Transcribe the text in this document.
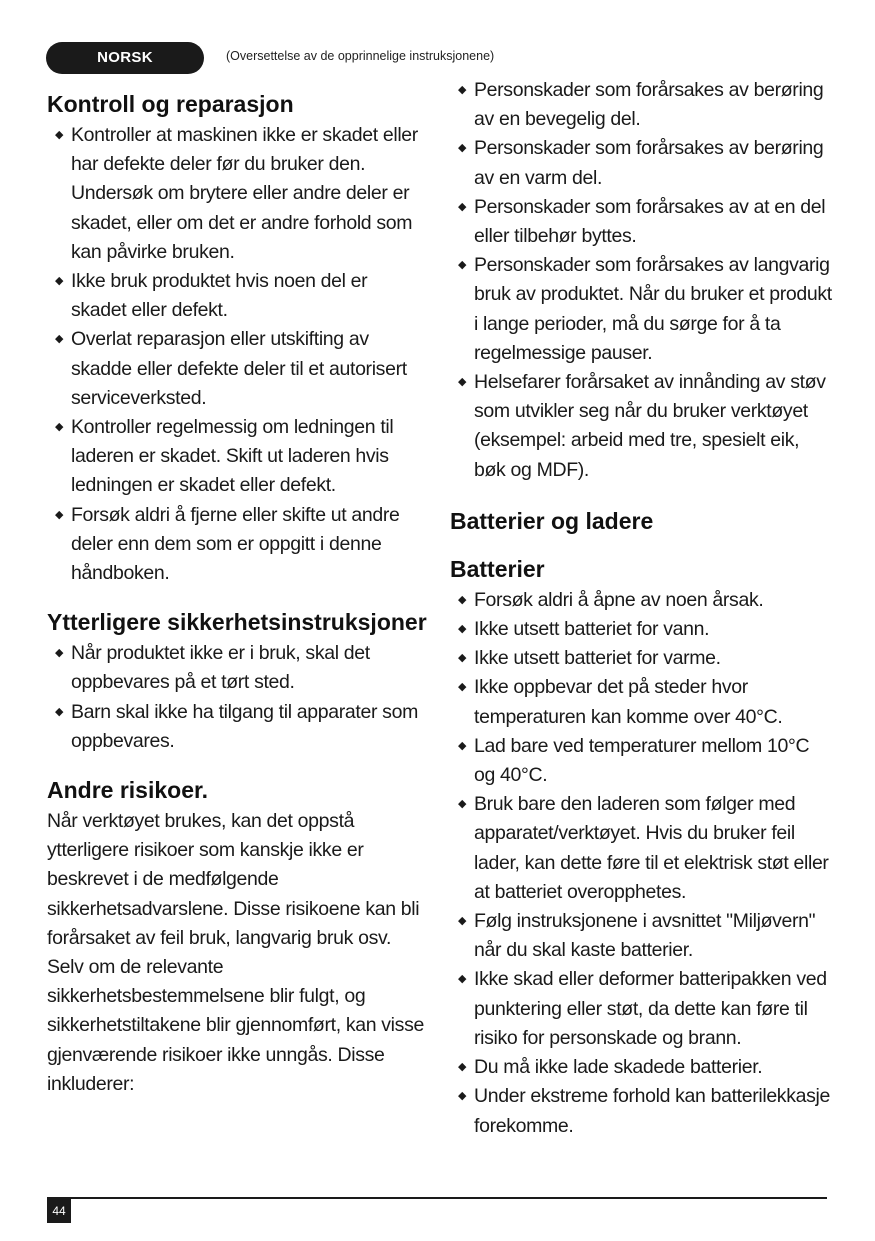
NORSK	(Oversettelse av de opprinnelige instruksjonene)
Kontroll og reparasjon
◆ Kontroller at maskinen ikke er skadet eller har defekte deler før du bruker den. Undersøk om brytere eller andre deler er skadet, eller om det er andre forhold som kan påvirke bruken.
◆ Ikke bruk produktet hvis noen del er skadet eller defekt.
◆ Overlat reparasjon eller utskifting av skadde eller defekte deler til et autorisert serviceverksted.
◆ Kontroller regelmessig om ledningen til laderen er skadet. Skift ut laderen hvis ledningen er skadet eller defekt.
◆ Forsøk aldri å fjerne eller skifte ut andre deler enn dem som er oppgitt i denne håndboken.
Ytterligere sikkerhetsinstruksjoner
◆ Når produktet ikke er i bruk, skal det oppbevares på et tørt sted.
◆ Barn skal ikke ha tilgang til apparater som oppbevares.
Andre risikoer.

Når verktøyet brukes, kan det oppstå ytterligere risikoer som kanskje ikke er beskrevet i de medfølgende sikkerhetsadvarslene. Disse risikoene kan bli forårsaket av feil bruk, langvarig bruk osv.

Selv om de relevante sikkerhetsbestemmelsene blir fulgt, og sikkerhetstiltakene blir gjennomført, kan visse gjenværende risikoer ikke unngås. Disse inkluderer:

◆ Personskader som forårsakes av berøring av en bevegelig del.
◆ Personskader som forårsakes av berøring av en varm del.
◆ Personskader som forårsakes av at en del eller tilbehør byttes.
◆ Personskader som forårsakes av langvarig bruk av produktet. Når du bruker et produkt i lange perioder, må du sørge for å ta regelmessige pauser.
◆ Helsefarer forårsaket av innånding av støv som utvikler seg når du bruker verktøyet (eksempel: arbeid med tre, spesielt eik, bøk og MDF).
Batterier og ladere
Batterier
◆ Forsøk aldri å åpne av noen årsak.
◆ Ikke utsett batteriet for vann.
◆ Ikke utsett batteriet for varme.
◆ Ikke oppbevar det på steder hvor temperaturen kan komme over 40°C.
◆ Lad bare ved temperaturer mellom 10°C og 40°C.
◆ Bruk bare den laderen som følger med apparatet/verktøyet. Hvis du bruker feil lader, kan dette føre til et elektrisk støt eller at batteriet overopphetes.
◆ Følg instruksjonene i avsnittet "Miljøvern" når du skal kaste batterier.
◆ Ikke skad eller deformer batteripakken ved punktering eller støt, da dette kan føre til risiko for personskade og brann.
◆ Du må ikke lade skadede batterier.
◆ Under ekstreme forhold kan batterilekkasje forekomme.
44
